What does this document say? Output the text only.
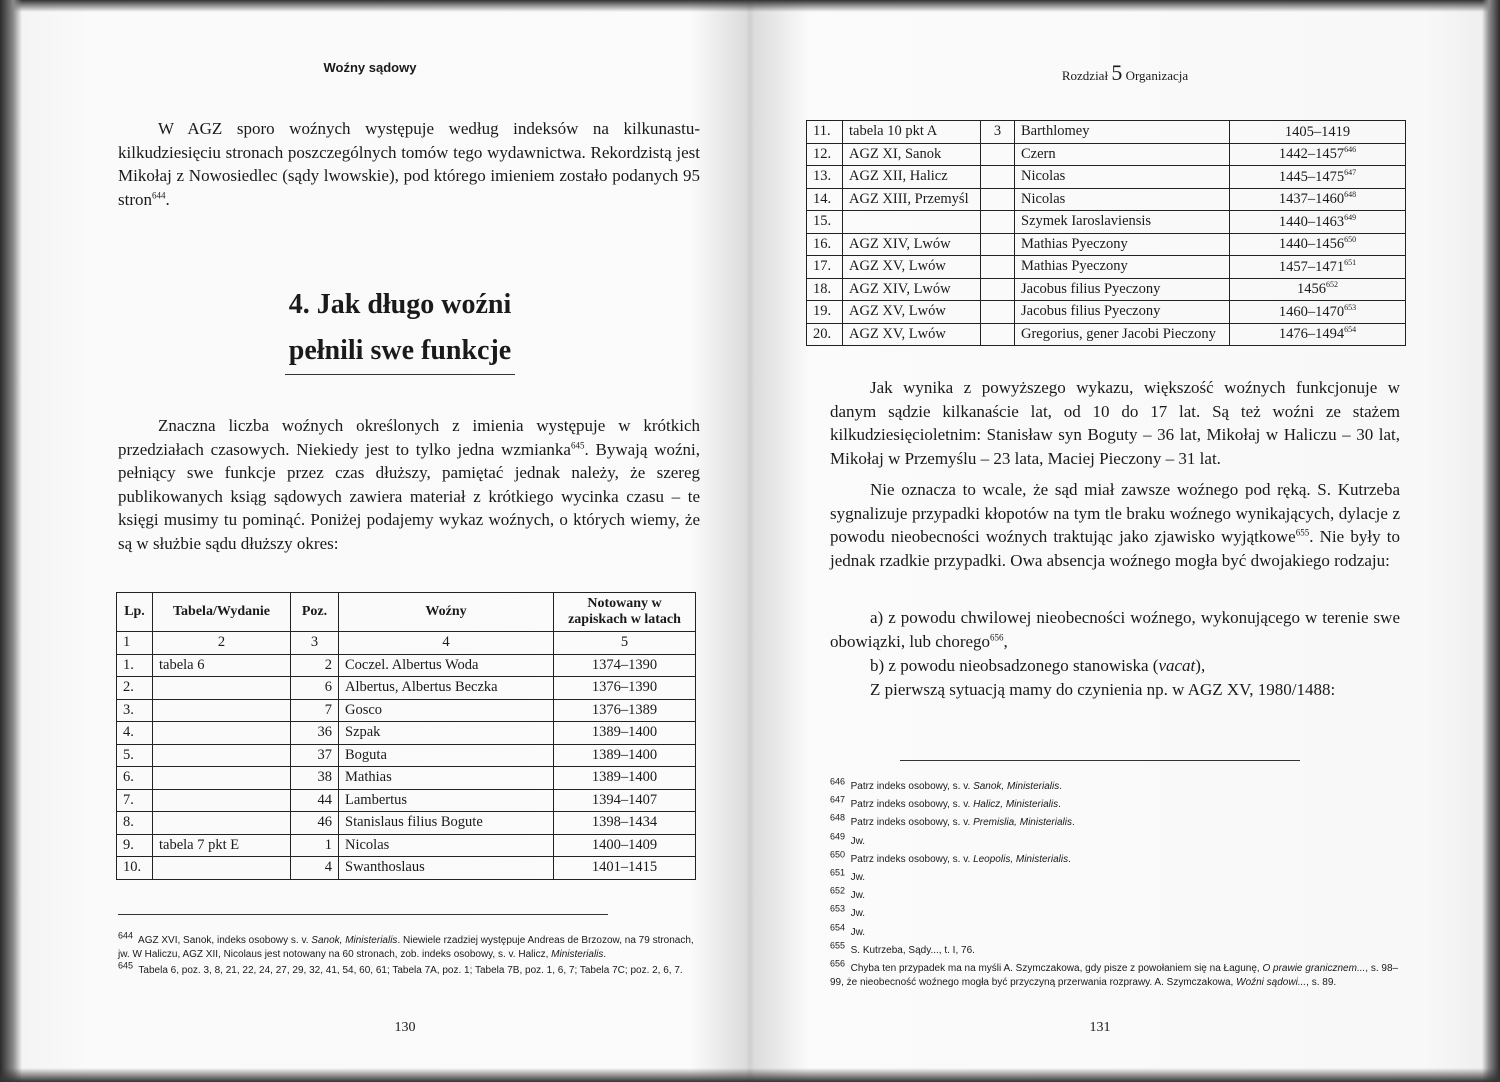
Woźny sądowy

W AGZ sporo woźnych występuje według indeksów na kilkunastu-kilkudziesięciu stronach poszczególnych tomów tego wydawnictwa. Rekordzistą jest Mikołaj z Nowosiedlec (sądy lwowskie), pod którego imieniem zostało podanych 95 stron$^{644}$.

4. Jak długo woźni
pełnili swe funkcje

Znaczna liczba woźnych określonych z imienia występuje w krótkich przedziałach czasowych. Niekiedy jest to tylko jedna wzmianka$^{645}$. Bywają woźni, pełniący swe funkcje przez czas dłuższy, pamiętać jednak należy, że szereg publikowanych ksiąg sądowych zawiera materiał z krótkiego wycinka czasu – te księgi musimy tu pominąć. Poniżej podajemy wykaz woźnych, o których wiemy, że są w służbie sądu dłuższy okres:

Lp.	Tabela/Wydanie	Poz.	Woźny	Notowany w zapiskach w latach
1	2	3	4	5
1.	tabela 6	2	Coczel. Albertus Woda	1374–1390
2.		6	Albertus, Albertus Beczka	1376–1390
3.		7	Gosco	1376–1389
4.		36	Szpak	1389–1400
5.		37	Boguta	1389–1400
6.		38	Mathias	1389–1400
7.		44	Lambertus	1394–1407
8.		46	Stanislaus filius Bogute	1398–1434
9.	tabela 7 pkt E	1	Nicolas	1400–1409
10.		4	Swanthoslaus	1401–1415

$^{644}$ AGZ XVI, Sanok, indeks osobowy s. v. Sanok, Ministerialis. Niewiele rzadziej występuje Andreas de Brzozow, na 79 stronach, jw. W Haliczu, AGZ XII, Nicolaus jest notowany na 60 stronach, zob. indeks osobowy, s. v. Halicz, Ministerialis.

$^{645}$ Tabela 6, poz. 3, 8, 21, 22, 24, 27, 29, 32, 41, 54, 60, 61; Tabela 7A, poz. 1; Tabela 7B, poz. 1, 6, 7; Tabela 7C; poz. 2, 6, 7.

130
Rozdział 5 Organizacja
11.	tabela 10 pkt A	3	Barthlomey	1405–1419
12.	AGZ XI, Sanok		Czern	1442–1457$^{646}$
13.	AGZ XII, Halicz		Nicolas	1445–1475$^{647}$
14.	AGZ XIII, Przemyśl		Nicolas	1437–1460$^{648}$
15.			Szymek Iaroslaviensis	1440–1463$^{649}$
16.	AGZ XIV, Lwów		Mathias Pyeczony	1440–1456$^{650}$
17.	AGZ XV, Lwów		Mathias Pyeczony	1457–1471$^{651}$
18.	AGZ XIV, Lwów		Jacobus filius Pyeczony	1456$^{652}$
19.	AGZ XV, Lwów		Jacobus filius Pyeczony	1460–1470$^{653}$
20.	AGZ XV, Lwów		Gregorius, gener Jacobi Pieczony	1476–1494$^{654}$

Jak wynika z powyższego wykazu, większość woźnych funkcjonuje w danym sądzie kilkanaście lat, od 10 do 17 lat. Są też woźni ze stażem kilkudziesięcioletnim: Stanisław syn Boguty – 36 lat, Mikołaj w Haliczu – 30 lat, Mikołaj w Przemyślu – 23 lata, Maciej Pieczony – 31 lat.

Nie oznacza to wcale, że sąd miał zawsze woźnego pod ręką. S. Kutrzeba sygnalizuje przypadki kłopotów na tym tle braku woźnego wynikających, dylacje z powodu nieobecności woźnych traktując jako zjawisko wyjątkowe$^{655}$. Nie były to jednak rzadkie przypadki. Owa absencja woźnego mogła być dwojakiego rodzaju:

a) z powodu chwilowej nieobecności woźnego, wykonującego w terenie swe obowiązki, lub chorego$^{656}$,

b) z powodu nieobsadzonego stanowiska (vacat),

Z pierwszą sytuacją mamy do czynienia np. w AGZ XV, 1980/1488:

$^{646}$ Patrz indeks osobowy, s. v. Sanok, Ministerialis.

$^{647}$ Patrz indeks osobowy, s. v. Halicz, Ministerialis.

$^{648}$ Patrz indeks osobowy, s. v. Premislia, Ministerialis.

$^{649}$ Jw.

$^{650}$ Patrz indeks osobowy, s. v. Leopolis, Ministerialis.

$^{651}$ Jw.

$^{652}$ Jw.

$^{653}$ Jw.

$^{654}$ Jw.

$^{655}$ S. Kutrzeba, Sądy..., t. I, 76.

$^{656}$ Chyba ten przypadek ma na myśli A. Szymczakowa, gdy pisze z powołaniem się na Łagunę, O prawie granicznem..., s. 98–99, że nieobecność woźnego mogła być przyczyną przerwania rozprawy. A. Szymczakowa, Woźni sądowi..., s. 89.

131
